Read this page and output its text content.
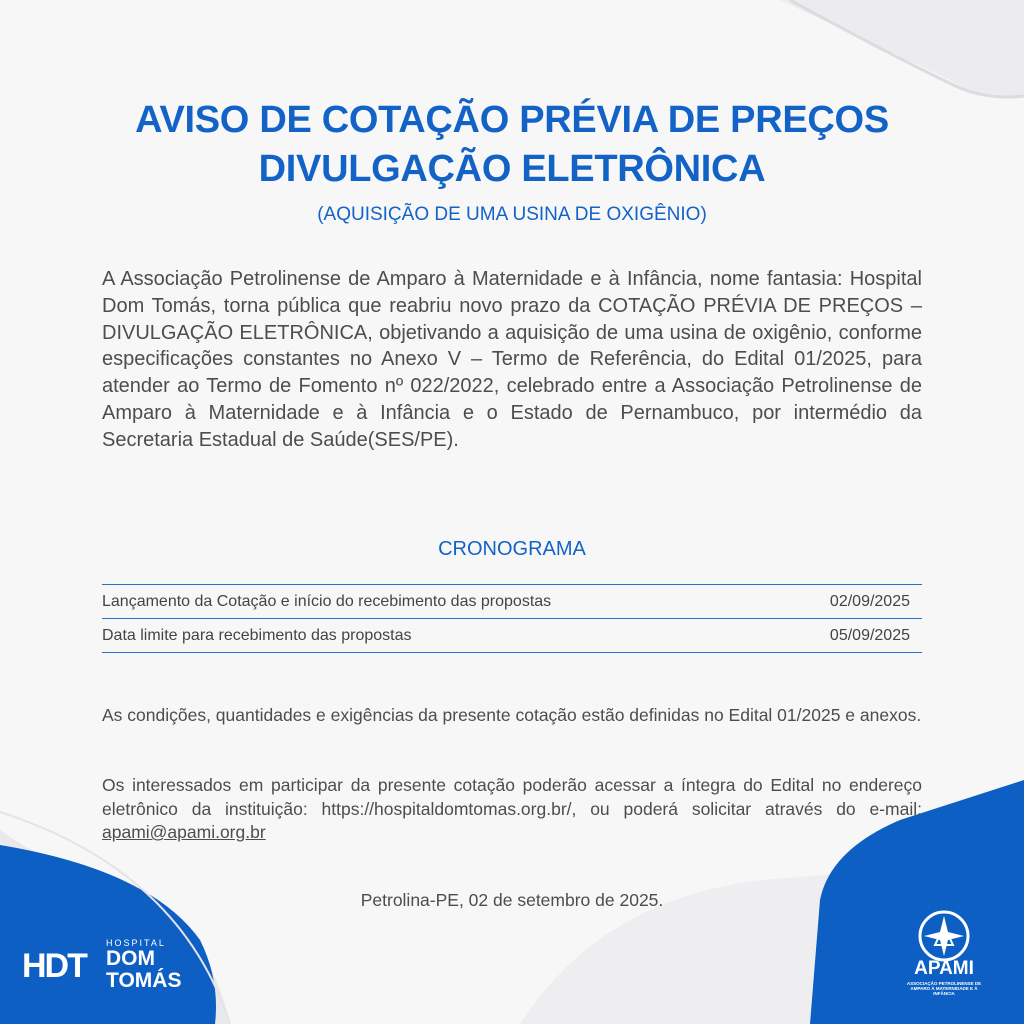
AVISO DE COTAÇÃO PRÉVIA DE PREÇOS
DIVULGAÇÃO ELETRÔNICA
(AQUISIÇÃO DE UMA USINA DE OXIGÊNIO)
A Associação Petrolinense de Amparo à Maternidade e à Infância, nome fantasia: Hospital Dom Tomás, torna pública que reabriu novo prazo da COTAÇÃO PRÉVIA DE PREÇOS – DIVULGAÇÃO ELETRÔNICA, objetivando a aquisição de uma usina de oxigênio, conforme especificações constantes no Anexo V – Termo de Referência, do Edital 01/2025, para atender ao Termo de Fomento nº 022/2022, celebrado entre a Associação Petrolinense de Amparo à Maternidade e à Infância e o Estado de Pernambuco, por intermédio da Secretaria Estadual de Saúde(SES/PE).
CRONOGRAMA
Lançamento da Cotação e início do recebimento das propostas	02/09/2025
Data limite para recebimento das propostas	05/09/2025
As condições, quantidades e exigências da presente cotação estão definidas no Edital 01/2025 e anexos.
Os interessados em participar da presente cotação poderão acessar a íntegra do Edital no endereço eletrônico da instituição: https://hospitaldomtomas.org.br/, ou poderá solicitar através do e-mail: apami@apami.org.br
Petrolina-PE, 02 de setembro de 2025.
HDT
HOSPITAL
DOM
TOMÁS
APAMI
ASSOCIAÇÃO PETROLINENSE DE AMPARO À MATERNIDADE E À INFÂNCIA
